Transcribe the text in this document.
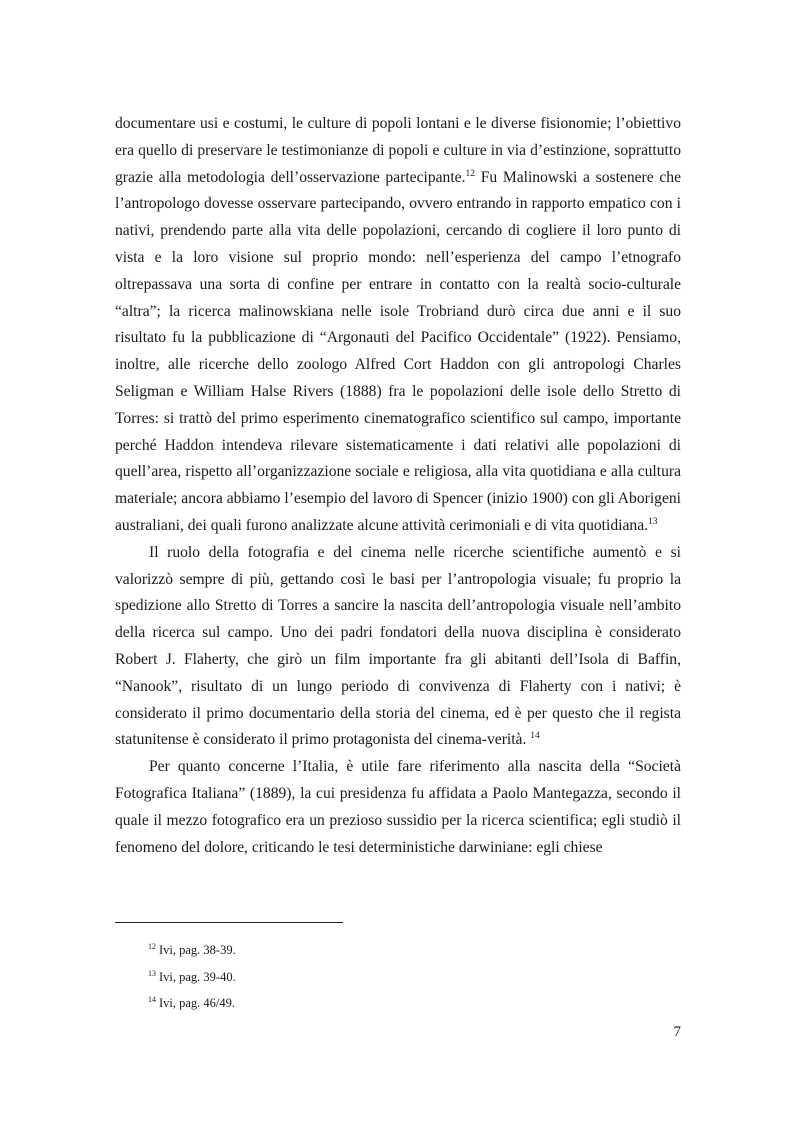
documentare usi e costumi, le culture di popoli lontani e le diverse fisionomie; l’obiettivo era quello di preservare le testimonianze di popoli e culture in via d’estinzione, soprattutto grazie alla metodologia dell’osservazione partecipante.$^{12}$ Fu Malinowski a sostenere che l’antropologo dovesse osservare partecipando, ovvero entrando in rapporto empatico con i nativi, prendendo parte alla vita delle popolazioni, cercando di cogliere il loro punto di vista e la loro visione sul proprio mondo: nell’esperienza del campo l’etnografo oltrepassava una sorta di confine per entrare in contatto con la realtà socio-culturale “altra”; la ricerca malinowskiana nelle isole Trobriand durò circa due anni e il suo risultato fu la pubblicazione di “Argonauti del Pacifico Occidentale” (1922). Pensiamo, inoltre, alle ricerche dello zoologo Alfred Cort Haddon con gli antropologi Charles Seligman e William Halse Rivers (1888) fra le popolazioni delle isole dello Stretto di Torres: si trattò del primo esperimento cinematografico scientifico sul campo, importante perché Haddon intendeva rilevare sistematicamente i dati relativi alle popolazioni di quell’area, rispetto all’organizzazione sociale e religiosa, alla vita quotidiana e alla cultura materiale; ancora abbiamo l’esempio del lavoro di Spencer (inizio 1900) con gli Aborigeni australiani, dei quali furono analizzate alcune attività cerimoniali e di vita quotidiana.$^{13}$

Il ruolo della fotografia e del cinema nelle ricerche scientifiche aumentò e si valorizzò sempre di più, gettando così le basi per l’antropologia visuale; fu proprio la spedizione allo Stretto di Torres a sancire la nascita dell’antropologia visuale nell’ambito della ricerca sul campo. Uno dei padri fondatori della nuova disciplina è considerato Robert J. Flaherty, che girò un film importante fra gli abitanti dell’Isola di Baffin, “Nanook”, risultato di un lungo periodo di convivenza di Flaherty con i nativi; è considerato il primo documentario della storia del cinema, ed è per questo che il regista statunitense è considerato il primo protagonista del cinema-verità. $^{14}$

Per quanto concerne l’Italia, è utile fare riferimento alla nascita della “Società Fotografica Italiana” (1889), la cui presidenza fu affidata a Paolo Mantegazza, secondo il quale il mezzo fotografico era un prezioso sussidio per la ricerca scientifica; egli studiò il fenomeno del dolore, criticando le tesi deterministiche darwiniane: egli chiese

$^{12}$ Ivi, pag. 38-39.
$^{13}$ Ivi, pag. 39-40.
$^{14}$ Ivi, pag. 46/49.
7
